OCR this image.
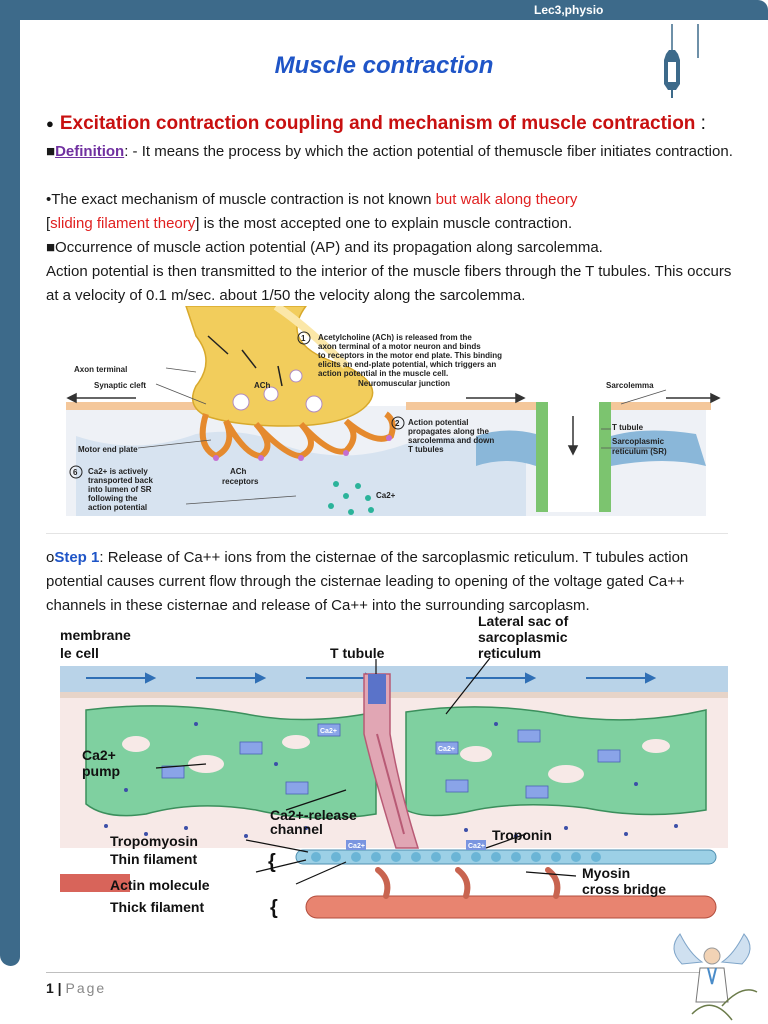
Lec3,physio
Muscle contraction
● Excitation contraction coupling and mechanism of muscle contraction :
■Definition: - It means the process by which the action potential of themuscle fiber initiates contraction.
•The exact mechanism of muscle contraction is not known but walk along theory
[sliding filament theory] is the most accepted one to explain muscle contraction.
■Occurrence of muscle action potential (AP) and its propagation along sarcolemma.
Action potential is then transmitted to the interior of the muscle fibers through the T tubules. This occurs at a velocity of 0.1 m/sec. about 1/50 the velocity along the sarcolemma.
Axon terminal
Synaptic cleft
Motor end plate
ACh
ACh
receptors
Neuromuscular junction	Sarcolemma
T tubule
Sarcoplasmic
reticulum (SR)
Ca2+
1 Acetylcholine (ACh) is released from the
axon terminal of a motor neuron and binds
to receptors in the motor end plate. This binding
elicits an end-plate potential, which triggers an
action potential in the muscle cell.
2 Action potential
propagates along the
sarcolemma and down
T tubules
6 Ca2+ is actively
transported back
into lumen of SR
following the
action potential
oStep 1: Release of Ca++ ions from the cisternae of the sarcoplasmic reticulum. T tubules action potential causes current flow through the cisternae leading to opening of the voltage gated Ca++ channels in these cisternae and release of Ca++ into the surrounding sarcoplasm.
membrane
le cell	T tubule
Lateral sac of
sarcoplasmic
reticulum
Ca2+
pump
Ca2+-release
channel	Troponin
Tropomyosin
Thin filament
Actin molecule
Thick filament
Myosin
cross bridge
Ca2+
Ca2+
Ca2+	Ca2+
{
{
1 | Page
